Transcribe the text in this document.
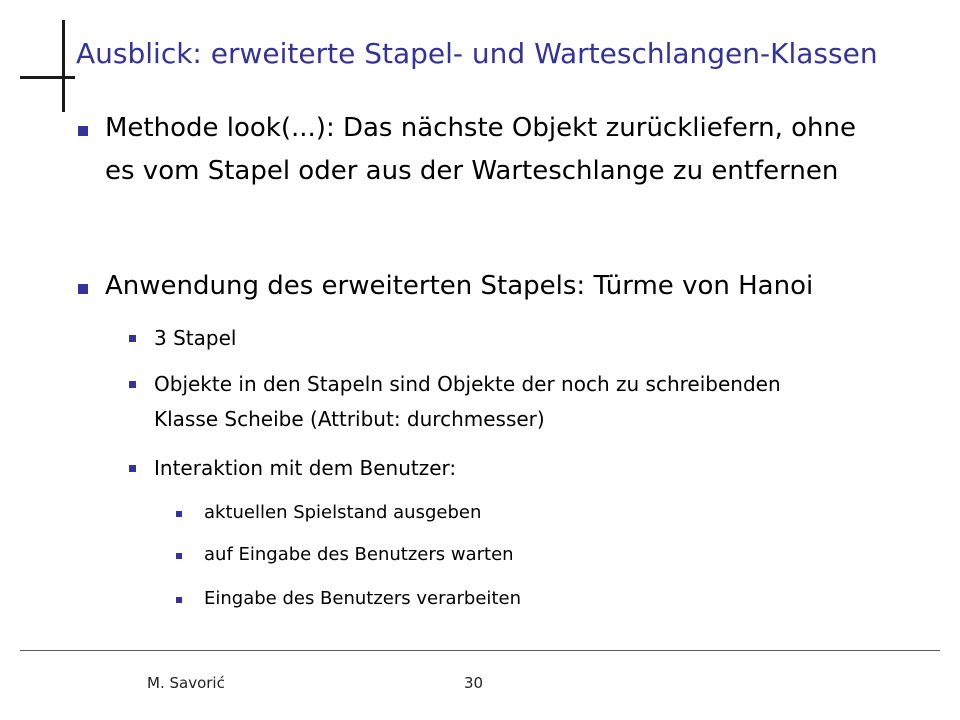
Ausblick: erweiterte Stapel- und Warteschlangen-Klassen
Methode look(...): Das nächste Objekt zurückliefern, ohne
es vom Stapel oder aus der Warteschlange zu entfernen
Anwendung des erweiterten Stapels: Türme von Hanoi
3 Stapel
Objekte in den Stapeln sind Objekte der noch zu schreibenden
Klasse Scheibe (Attribut: durchmesser)
Interaktion mit dem Benutzer:
aktuellen Spielstand ausgeben
auf Eingabe des Benutzers warten
Eingabe des Benutzers verarbeiten
M. Savorić	30
